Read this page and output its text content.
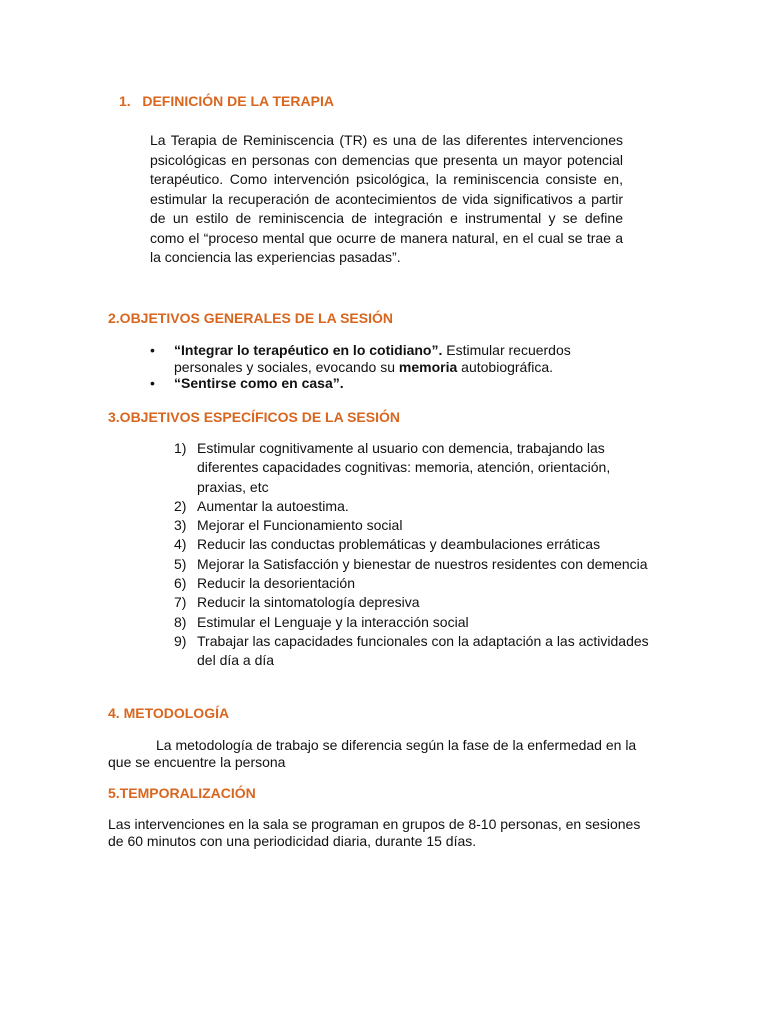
1.   DEFINICIÓN DE LA TERAPIA
La Terapia de Reminiscencia (TR) es una de las diferentes intervenciones psicológicas en personas con demencias que presenta un mayor potencial terapéutico. Como intervención psicológica, la reminiscencia consiste en, estimular la recuperación de acontecimientos de vida significativos a partir de un estilo de reminiscencia de integración e instrumental y se define como el “proceso mental que ocurre de manera natural, en el cual se trae a la conciencia las experiencias pasadas”.
2.OBJETIVOS GENERALES DE LA SESIÓN
• “Integrar lo terapéutico en lo cotidiano”. Estimular recuerdos personales y sociales, evocando su memoria autobiográfica.
• “Sentirse como en casa”.
3.OBJETIVOS ESPECÍFICOS DE LA SESIÓN
1) Estimular cognitivamente al usuario con demencia, trabajando las diferentes capacidades cognitivas: memoria, atención, orientación, praxias, etc
2) Aumentar la autoestima.
3) Mejorar el Funcionamiento social
4) Reducir las conductas problemáticas y deambulaciones erráticas
5) Mejorar la Satisfacción y bienestar de nuestros residentes con demencia
6) Reducir la desorientación
7) Reducir la sintomatología depresiva
8) Estimular el Lenguaje y la interacción social
9) Trabajar las capacidades funcionales con la adaptación a las actividades del día a día
4. METODOLOGÍA
La metodología de trabajo se diferencia según la fase de la enfermedad en la que se encuentre la persona
5.TEMPORALIZACIÓN
Las intervenciones en la sala se programan en grupos de 8-10 personas, en sesiones de 60 minutos con una periodicidad diaria, durante 15 días.
